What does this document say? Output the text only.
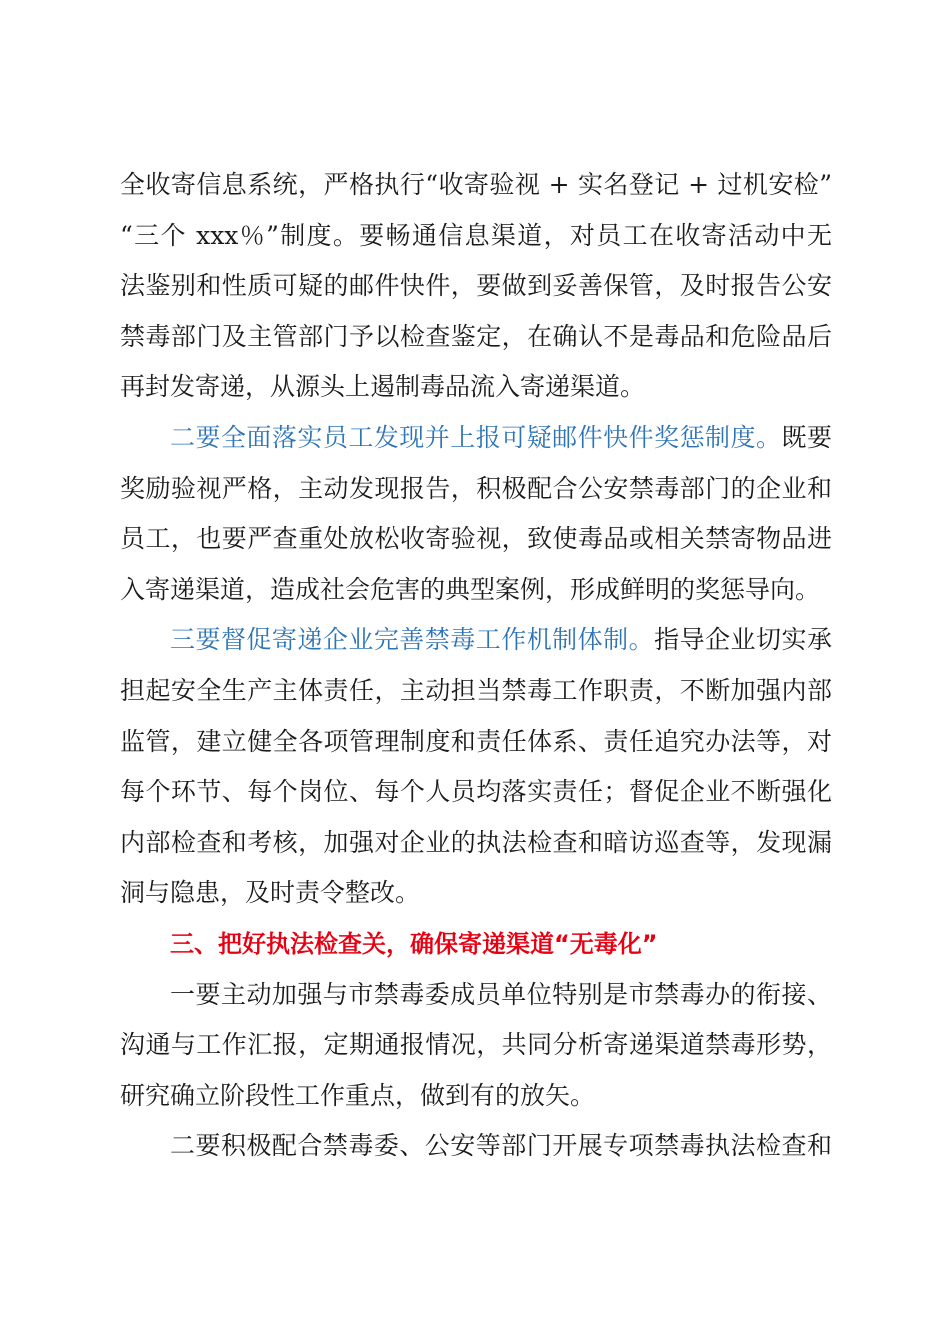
全收寄信息系统，严格执行“收寄验视 + 实名登记 + 过机安检”
“三个 xxx％”制度。要畅通信息渠道，对员工在收寄活动中无
法鉴别和性质可疑的邮件快件，要做到妥善保管，及时报告公安
禁毒部门及主管部门予以检查鉴定，在确认不是毒品和危险品后
再封发寄递，从源头上遏制毒品流入寄递渠道。
二要全面落实员工发现并上报可疑邮件快件奖惩制度。既要
奖励验视严格，主动发现报告，积极配合公安禁毒部门的企业和
员工，也要严查重处放松收寄验视，致使毒品或相关禁寄物品进
入寄递渠道，造成社会危害的典型案例，形成鲜明的奖惩导向。
三要督促寄递企业完善禁毒工作机制体制。指导企业切实承
担起安全生产主体责任，主动担当禁毒工作职责，不断加强内部
监管，建立健全各项管理制度和责任体系、责任追究办法等，对
每个环节、每个岗位、每个人员均落实责任；督促企业不断强化
内部检查和考核，加强对企业的执法检查和暗访巡查等，发现漏
洞与隐患，及时责令整改。
三、把好执法检查关，确保寄递渠道“无毒化”
一要主动加强与市禁毒委成员单位特别是市禁毒办的衔接、
沟通与工作汇报，定期通报情况，共同分析寄递渠道禁毒形势，
研究确立阶段性工作重点，做到有的放矢。
二要积极配合禁毒委、公安等部门开展专项禁毒执法检查和
